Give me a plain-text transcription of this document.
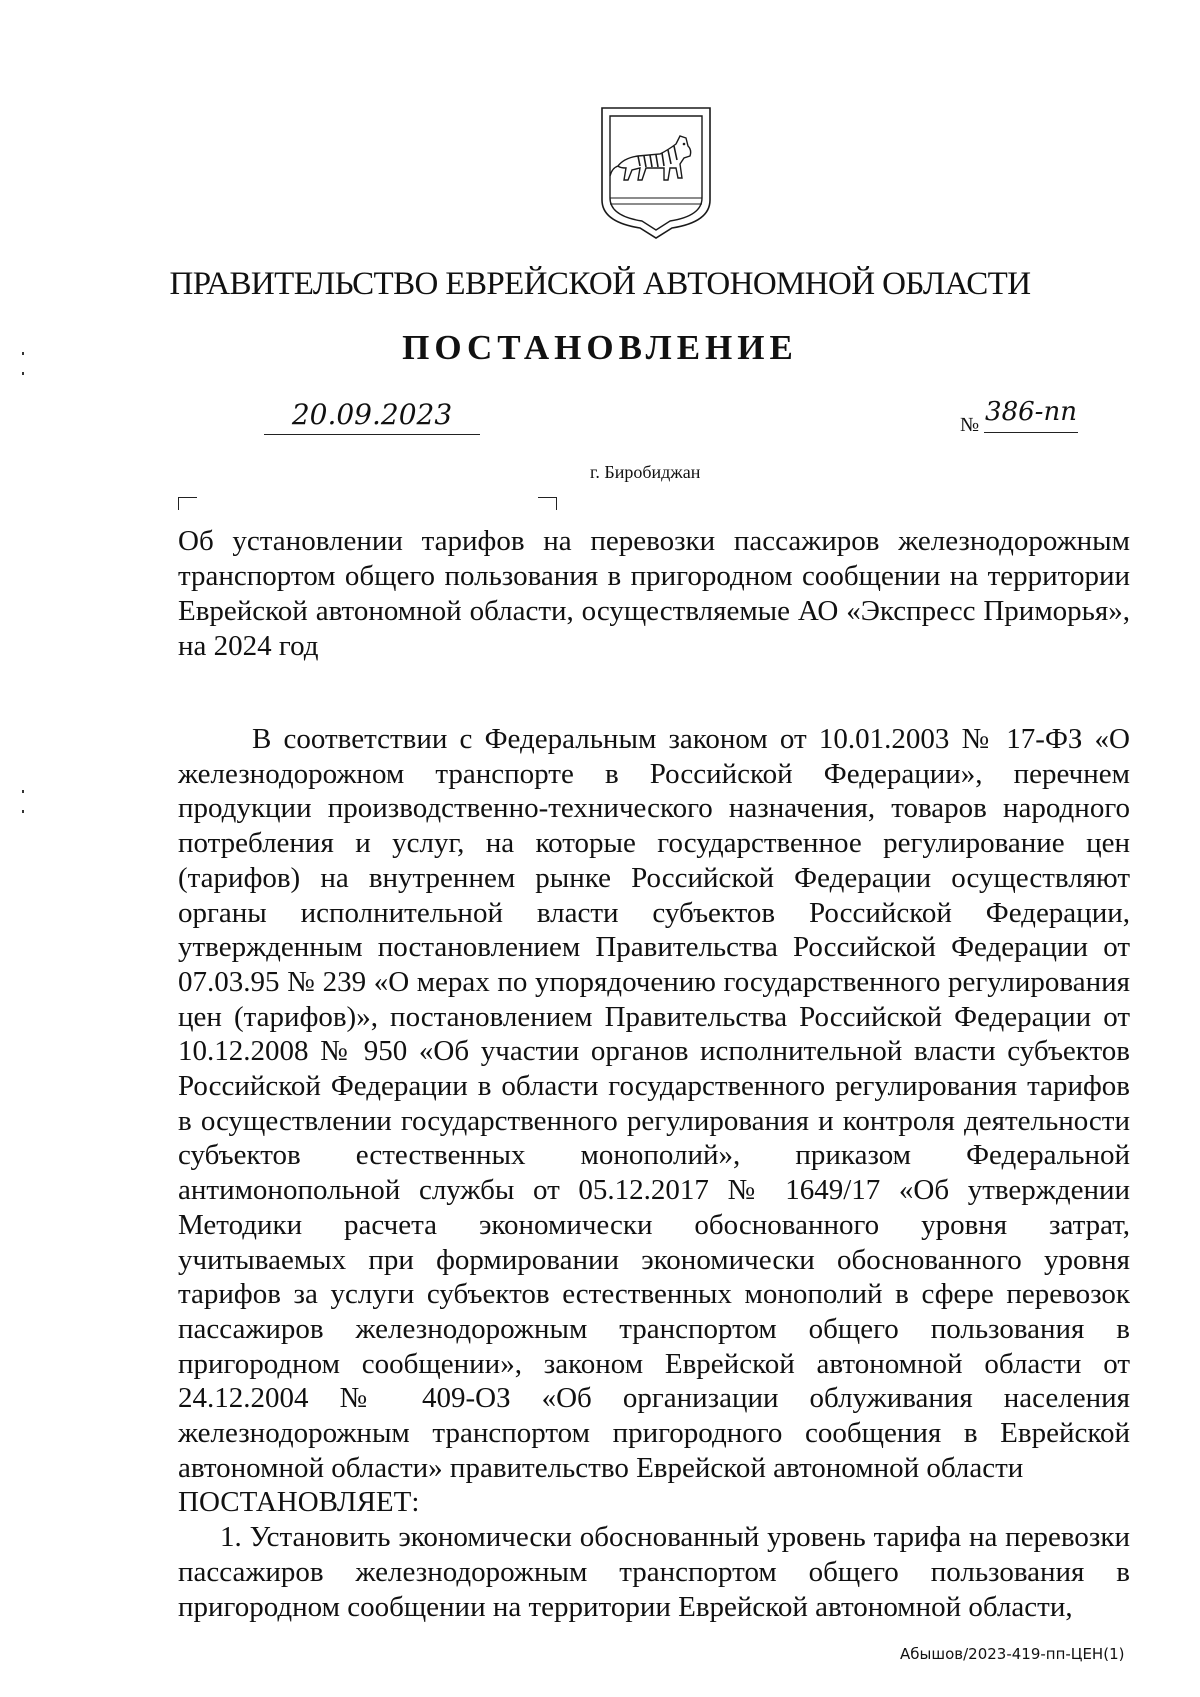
ПРАВИТЕЛЬСТВО ЕВРЕЙСКОЙ АВТОНОМНОЙ ОБЛАСТИ
ПОСТАНОВЛЕНИЕ
20.09.2023	№ 386-пп
г. Биробиджан
Об установлении тарифов на перевозки пассажиров железнодорожным транспортом общего пользования в пригородном сообщении на территории Еврейской автономной области, осуществляемые АО «Экспресс Приморья», на 2024 год

В соответствии с Федеральным законом от 10.01.2003 № 17-ФЗ «О железнодорожном транспорте в Российской Федерации», перечнем продукции производственно-технического назначения, товаров народного потребления и услуг, на которые государственное регулирование цен (тарифов) на внутреннем рынке Российской Федерации осуществляют органы исполнительной власти субъектов Российской Федерации, утвержденным постановлением Правительства Российской Федерации от 07.03.95 № 239 «О мерах по упорядочению государственного регулирования цен (тарифов)», постановлением Правительства Российской Федерации от 10.12.2008 № 950 «Об участии органов исполнительной власти субъектов Российской Федерации в области государственного регулирования тарифов в осуществлении государственного регулирования и контроля деятельности субъектов естественных монополий», приказом Федеральной антимонопольной службы от 05.12.2017 № 1649/17 «Об утверждении Методики расчета экономически обоснованного уровня затрат, учитываемых при формировании экономически обоснованного уровня тарифов за услуги субъектов естественных монополий в сфере перевозок пассажиров железнодорожным транспортом общего пользования в пригородном сообщении», законом Еврейской автономной области от 24.12.2004 № 409-ОЗ «Об организации облуживания населения железнодорожным транспортом пригородного сообщения в Еврейской автономной области» правительство Еврейской автономной области

ПОСТАНОВЛЯЕТ:

1. Установить экономически обоснованный уровень тарифа на перевозки пассажиров железнодорожным транспортом общего пользования в пригородном сообщении на территории Еврейской автономной области,

Абышов/2023-419-пп-ЦЕН(1)
